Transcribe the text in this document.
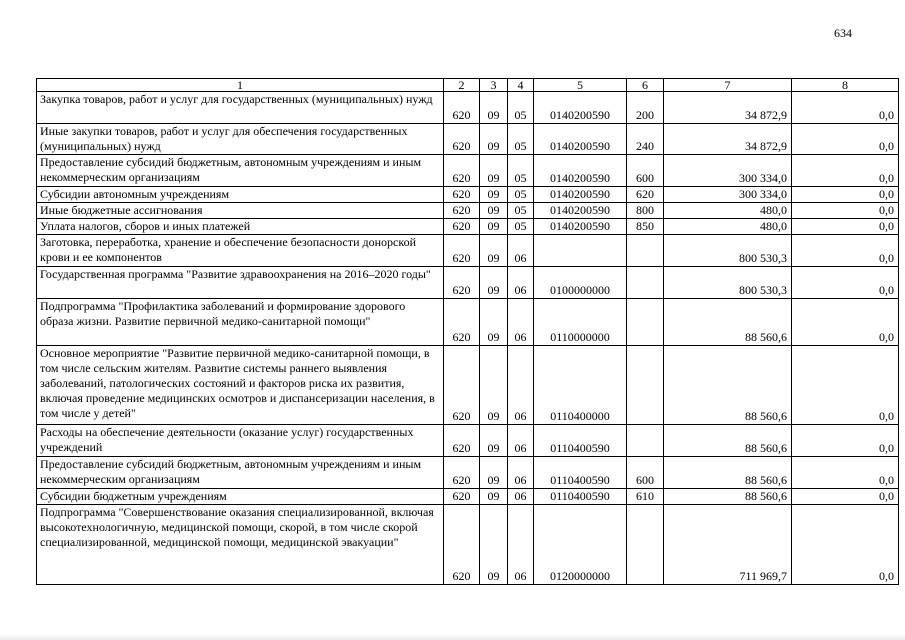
634
1	2	3	4	5	6	7	8
Закупка товаров, работ и услуг для государственных (муниципальных) нужд	620	09	05	0140200590	200	34 872,9	0,0
Иные закупки товаров, работ и услуг для обеспечения государственных (муниципальных) нужд	620	09	05	0140200590	240	34 872,9	0,0
Предоставление субсидий бюджетным, автономным учреждениям и иным некоммерческим организациям	620	09	05	0140200590	600	300 334,0	0,0
Субсидии автономным учреждениям	620	09	05	0140200590	620	300 334,0	0,0
Иные бюджетные ассигнования	620	09	05	0140200590	800	480,0	0,0
Уплата налогов, сборов и иных платежей	620	09	05	0140200590	850	480,0	0,0
Заготовка, переработка, хранение и обеспечение безопасности донорской крови и ее компонентов	620	09	06			800 530,3	0,0
Государственная программа "Развитие здравоохранения на 2016–2020 годы"	620	09	06	0100000000		800 530,3	0,0
Подпрограмма "Профилактика заболеваний и формирование здорового образа жизни. Развитие первичной медико-санитарной помощи"	620	09	06	0110000000		88 560,6	0,0
Основное мероприятие "Развитие первичной медико-санитарной помощи, в том числе сельским жителям. Развитие системы раннего выявления заболеваний, патологических состояний и факторов риска их развития, включая проведение медицинских осмотров и диспансеризации населения, в том числе у детей"	620	09	06	0110400000		88 560,6	0,0
Расходы на обеспечение деятельности (оказание услуг) государственных учреждений	620	09	06	0110400590		88 560,6	0,0
Предоставление субсидий бюджетным, автономным учреждениям и иным некоммерческим организациям	620	09	06	0110400590	600	88 560,6	0,0
Субсидии бюджетным учреждениям	620	09	06	0110400590	610	88 560,6	0,0
Подпрограмма "Совершенствование оказания специализированной, включая высокотехнологичную, медицинской помощи, скорой, в том числе скорой специализированной, медицинской помощи, медицинской эвакуации"	620	09	06	0120000000		711 969,7	0,0
